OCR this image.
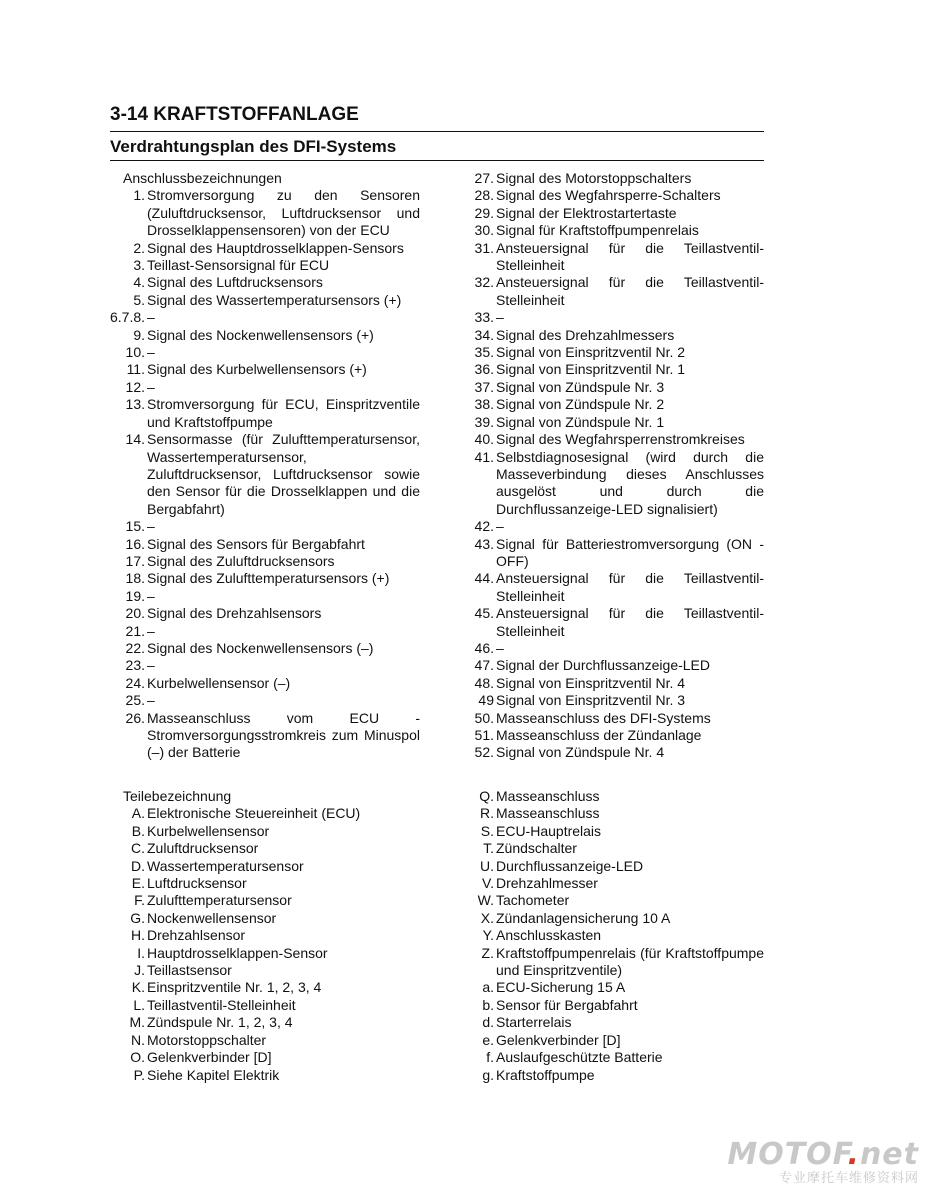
3-14 KRAFTSTOFFANLAGE
Verdrahtungsplan des DFI-Systems
Anschlussbezeichnungen
1. Stromversorgung zu den Sensoren (Zuluftdrucksensor, Luftdrucksensor und Drosselklappensensoren) von der ECU
2. Signal des Hauptdrosselklappen-Sensors
3. Teillast-Sensorsignal für ECU
4. Signal des Luftdrucksensors
5. Signal des Wassertemperatursensors (+)
6.7.8. –
9. Signal des Nockenwellensensors (+)
10. –
11. Signal des Kurbelwellensensors (+)
12. –
13. Stromversorgung für ECU, Einspritzventile und Kraftstoffpumpe
14. Sensormasse (für Zulufttemperatursensor, Wassertemperatursensor, Zuluftdrucksensor, Luftdrucksensor sowie den Sensor für die Drosselklappen und die Bergabfahrt)
15. –
16. Signal des Sensors für Bergabfahrt
17. Signal des Zuluftdrucksensors
18. Signal des Zulufttemperatursensors (+)
19. –
20. Signal des Drehzahlsensors
21. –
22. Signal des Nockenwellensensors (–)
23. –
24. Kurbelwellensensor (–)
25. –
26. Masseanschluss vom ECU -Stromversorgungsstromkreis zum Minuspol (–) der Batterie
27. Signal des Motorstoppschalters
28. Signal des Wegfahrsperre-Schalters
29. Signal der Elektrostartertaste
30. Signal für Kraftstoffpumpenrelais
31. Ansteuersignal für die Teillastventil-Stelleinheit
32. Ansteuersignal für die Teillastventil-Stelleinheit
33. –
34. Signal des Drehzahlmessers
35. Signal von Einspritzventil Nr. 2
36. Signal von Einspritzventil Nr. 1
37. Signal von Zündspule Nr. 3
38. Signal von Zündspule Nr. 2
39. Signal von Zündspule Nr. 1
40. Signal des Wegfahrsperrenstromkreises
41. Selbstdiagnosesignal (wird durch die Masseverbindung dieses Anschlusses ausgelöst und durch die Durchflussanzeige-LED signalisiert)
42. –
43. Signal für Batteriestromversorgung (ON -OFF)
44. Ansteuersignal für die Teillastventil-Stelleinheit
45. Ansteuersignal für die Teillastventil-Stelleinheit
46. –
47. Signal der Durchflussanzeige-LED
48. Signal von Einspritzventil Nr. 4
49 Signal von Einspritzventil Nr. 3
50. Masseanschluss des DFI-Systems
51. Masseanschluss der Zündanlage
52. Signal von Zündspule Nr. 4
Teilebezeichnung
A. Elektronische Steuereinheit (ECU)
B. Kurbelwellensensor
C. Zuluftdrucksensor
D. Wassertemperatursensor
E. Luftdrucksensor
F. Zulufttemperatursensor
G. Nockenwellensensor
H. Drehzahlsensor
I. Hauptdrosselklappen-Sensor
J. Teillastsensor
K. Einspritzventile Nr. 1, 2, 3, 4
L. Teillastventil-Stelleinheit
M. Zündspule Nr. 1, 2, 3, 4
N. Motorstoppschalter
O. Gelenkverbinder [D]
P. Siehe Kapitel Elektrik
Q. Masseanschluss
R. Masseanschluss
S. ECU-Hauptrelais
T. Zündschalter
U. Durchflussanzeige-LED
V. Drehzahlmesser
W. Tachometer
X. Zündanlagensicherung 10 A
Y. Anschlusskasten
Z. Kraftstoffpumpenrelais (für Kraftstoffpumpe und Einspritzventile)
a. ECU-Sicherung 15 A
b. Sensor für Bergabfahrt
d. Starterrelais
e. Gelenkverbinder [D]
f. Auslaufgeschützte Batterie
g. Kraftstoffpumpe
MOTOF.net
专业摩托车维修资料网
